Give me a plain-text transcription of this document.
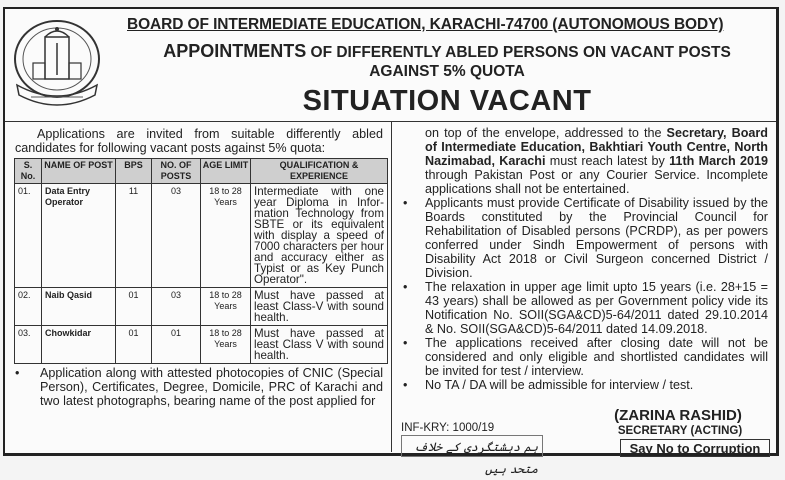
BOARD OF INTERMEDIATE EDUCATION, KARACHI-74700 (AUTONOMOUS BODY)
APPOINTMENTS OF DIFFERENTLY ABLED PERSONS ON VACANT POSTS
AGAINST 5% QUOTA
SITUATION VACANT
Applications are invited from suitable differently abled candidates for following vacant posts against 5% quota:
S. No.	NAME OF POST	BPS	NO. OF POSTS	AGE LIMIT	QUALIFICATION & EXPERIENCE
01.	Data Entry Operator	11	03	18 to 28 Years	Intermediate with one year Diploma in Infor-mation Technology from SBTE or its equivalent with display a speed of 7000 characters per hour and accuracy either as Typist or as Key Punch Operator".
02.	Naib Qasid	01	03	18 to 28 Years	Must have passed at least Class-V with sound health.
03.	Chowkidar	01	01	18 to 28 Years	Must have passed at least Class V with sound health.
• Application along with attested photocopies of CNIC (Special Person), Certificates, Degree, Domicile, PRC of Karachi and two latest photographs, bearing name of the post applied for
on top of the envelope, addressed to the Secretary, Board of Intermediate Education, Bakhtiari Youth Centre, North Nazimabad, Karachi must reach latest by 11th March 2019 through Pakistan Post or any Courier Service. Incomplete applications shall not be entertained.
• Applicants must provide Certificate of Disability issued by the Boards constituted by the Provincial Council for Rehabilitation of Disabled persons (PCRDP), as per powers conferred under Sindh Empowerment of persons with Disability Act 2018 or Civil Surgeon concerned District / Division.
• The relaxation in upper age limit upto 15 years (i.e. 28+15 = 43 years) shall be allowed as per Government policy vide its Notification No. SOII(SGA&CD)5-64/2011 dated 29.10.2014 & No. SOII(SGA&CD)5-64/2011 dated 14.09.2018.
• The applications received after closing date will not be considered and only eligible and shortlisted candidates will be invited for test / interview.
• No TA / DA will be admissible for interview / test.
INF-KRY: 1000/19
ہم دہشتگردی کے خلاف متحد ہیں
(ZARINA RASHID)
SECRETARY (ACTING)
Say No to Corruption
